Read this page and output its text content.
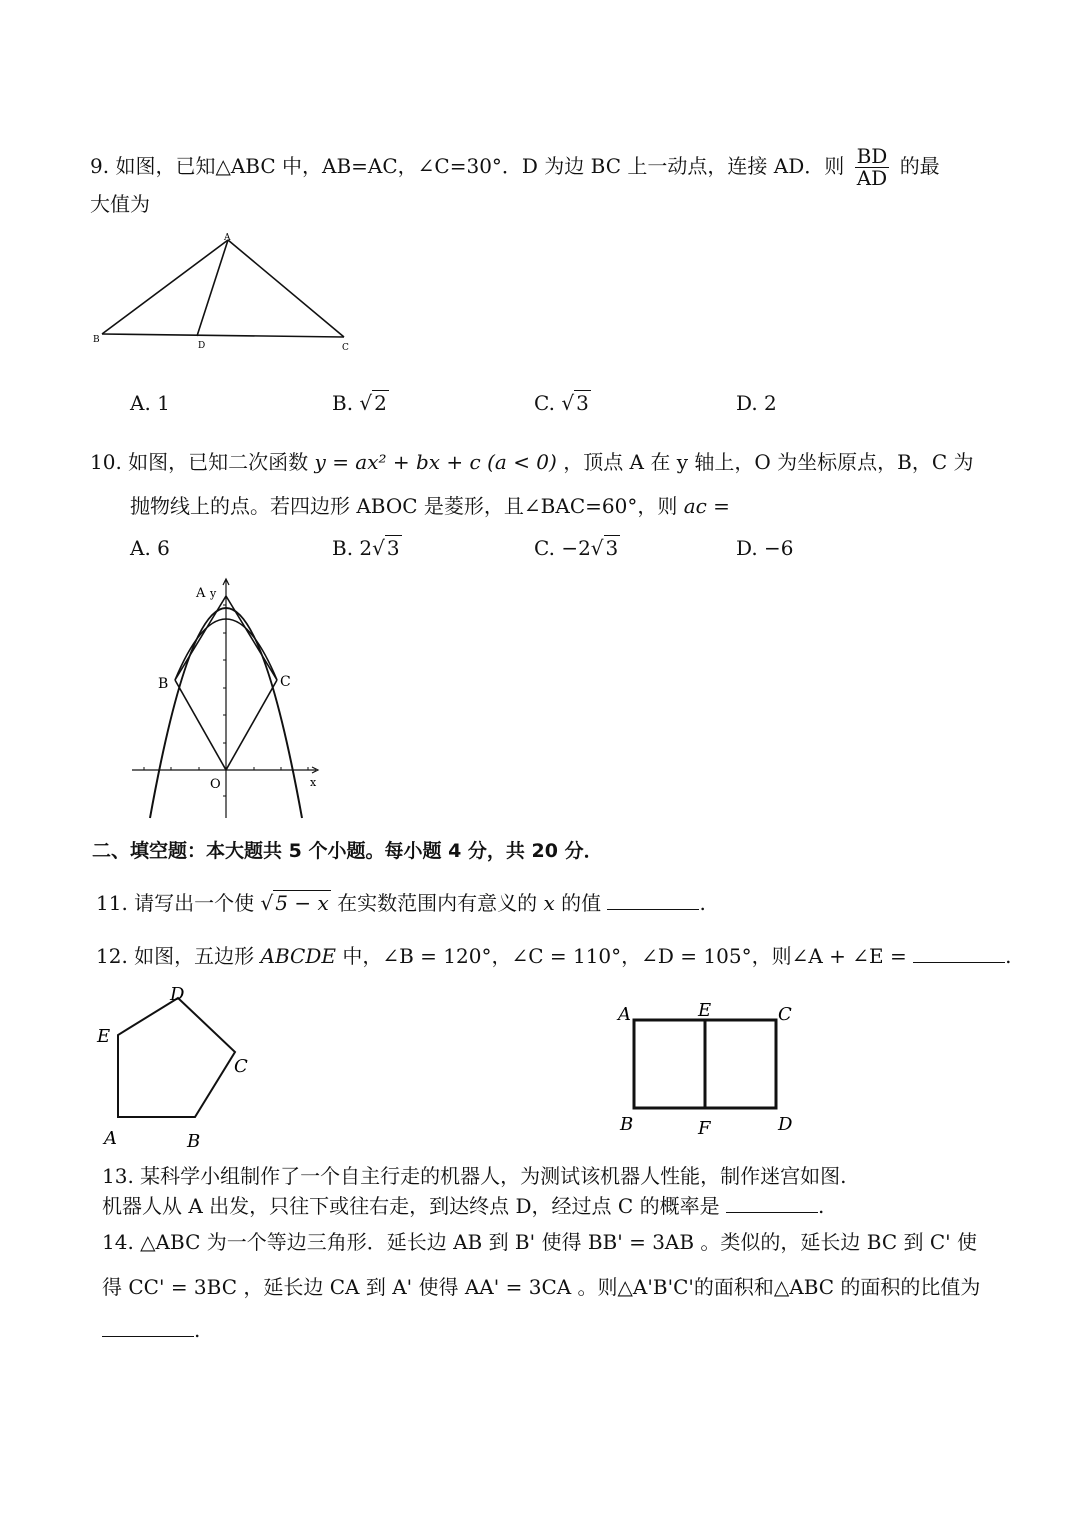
9. 如图，已知△ABC 中，AB=AC，∠C=30°．D 为边 BC 上一动点，连接 AD．则 $\frac{BD}{AD}$ 的最
大值为
A
B
D	C
A. 1	B. √ 2	C. √ 3	D. 2
10. 如图，已知二次函数 y = ax² + bx + c (a < 0) ，顶点 A 在 y 轴上，O 为坐标原点，B，C 为
抛物线上的点。若四边形 ABOC 是菱形，且∠BAC=60°，则 ac =
A. 6	B. 2√ 3	C. −2√ 3	D. −6
A y
B	C
O	x
二、填空题：本大题共 5 个小题。每小题 4 分，共 20 分．
11. 请写出一个使 √ 5 − x 在实数范围内有意义的 x 的值	.
12. 如图，五边形 ABCDE 中，∠B = 120°，∠C = 110°，∠D = 105°，则∠A + ∠E =	.
A	B
C
D
E
A	E	C
B	F	D
13. 某科学小组制作了一个自主行走的机器人，为测试该机器人性能，制作迷宫如图.
机器人从 A 出发，只往下或往右走，到达终点 D，经过点 C 的概率是	.
14. △ABC 为一个等边三角形．延长边 AB 到 B' 使得 BB' = 3AB 。类似的，延长边 BC 到 C' 使
得 CC' = 3BC ，延长边 CA 到 A' 使得 AA' = 3CA 。则△A'B'C'的面积和△ABC 的面积的比值为
.
